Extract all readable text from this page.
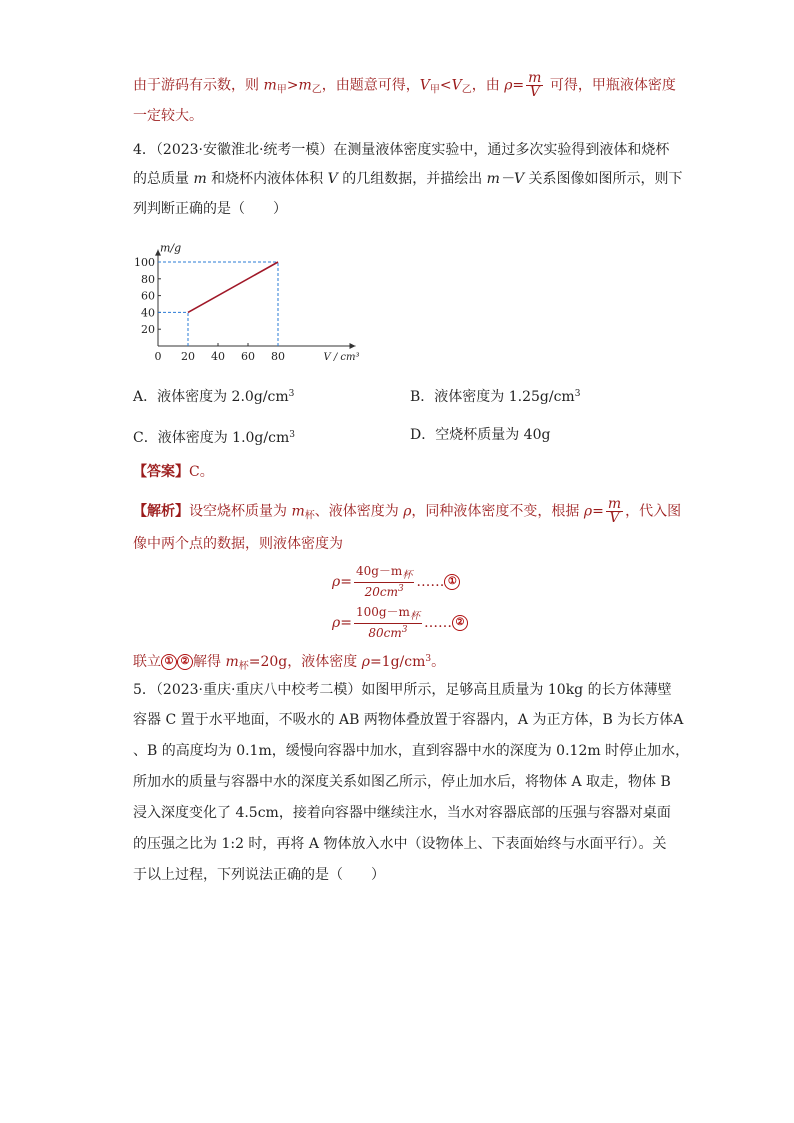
由于游码有示数，则 $m_甲>m_乙$，由题意可得，$V_甲<V_乙$，由 $\rho= \frac{m}{V}$ 可得，甲瓶液体密度
一定较大。
4．（2023·安徽淮北·统考一模）在测量液体密度实验中，通过多次实验得到液体和烧杯
的总质量 m 和烧杯内液体体积 V 的几组数据，并描绘出 m－V 关系图像如图所示，则下
列判断正确的是（　　）
0 20 40 60 80
20
40
60
80
100
m/g
V / cm³
A．液体密度为 $2.0g/cm^3$	B．液体密度为 $1.25g/cm^3$
C．液体密度为 $1.0g/cm^3$	D．空烧杯质量为 40g
【答案】C。
【解析】设空烧杯质量为 $m_杯$、液体密度为 ρ，同种液体密度不变，根据 $\rho= \frac{m}{V}$ ，代入图
像中两个点的数据，则液体密度为
$\rho= \frac{40g-m_杯}{20cm^3}$ …… ①
$\rho= \frac{100g-m_杯}{80cm^3}$ …… ②
联立 ① ② 解得 $m_杯=20g$，液体密度 $\rho=1g/cm^3$。
5．（2023·重庆·重庆八中校考二模）如图甲所示，足够高且质量为 10kg 的长方体薄壁
容器 C 置于水平地面，不吸水的 AB 两物体叠放置于容器内，A 为正方体，B 为长方体A
、B 的高度均为 0.1m，缓慢向容器中加水，直到容器中水的深度为 0.12m 时停止加水，
所加水的质量与容器中水的深度关系如图乙所示，停止加水后，将物体 A 取走，物体 B
浸入深度变化了 4.5cm，接着向容器中继续注水，当水对容器底部的压强与容器对桌面
的压强之比为 1:2 时，再将 A 物体放入水中（设物体上、下表面始终与水面平行）。关
于以上过程，下列说法正确的是（　　）
